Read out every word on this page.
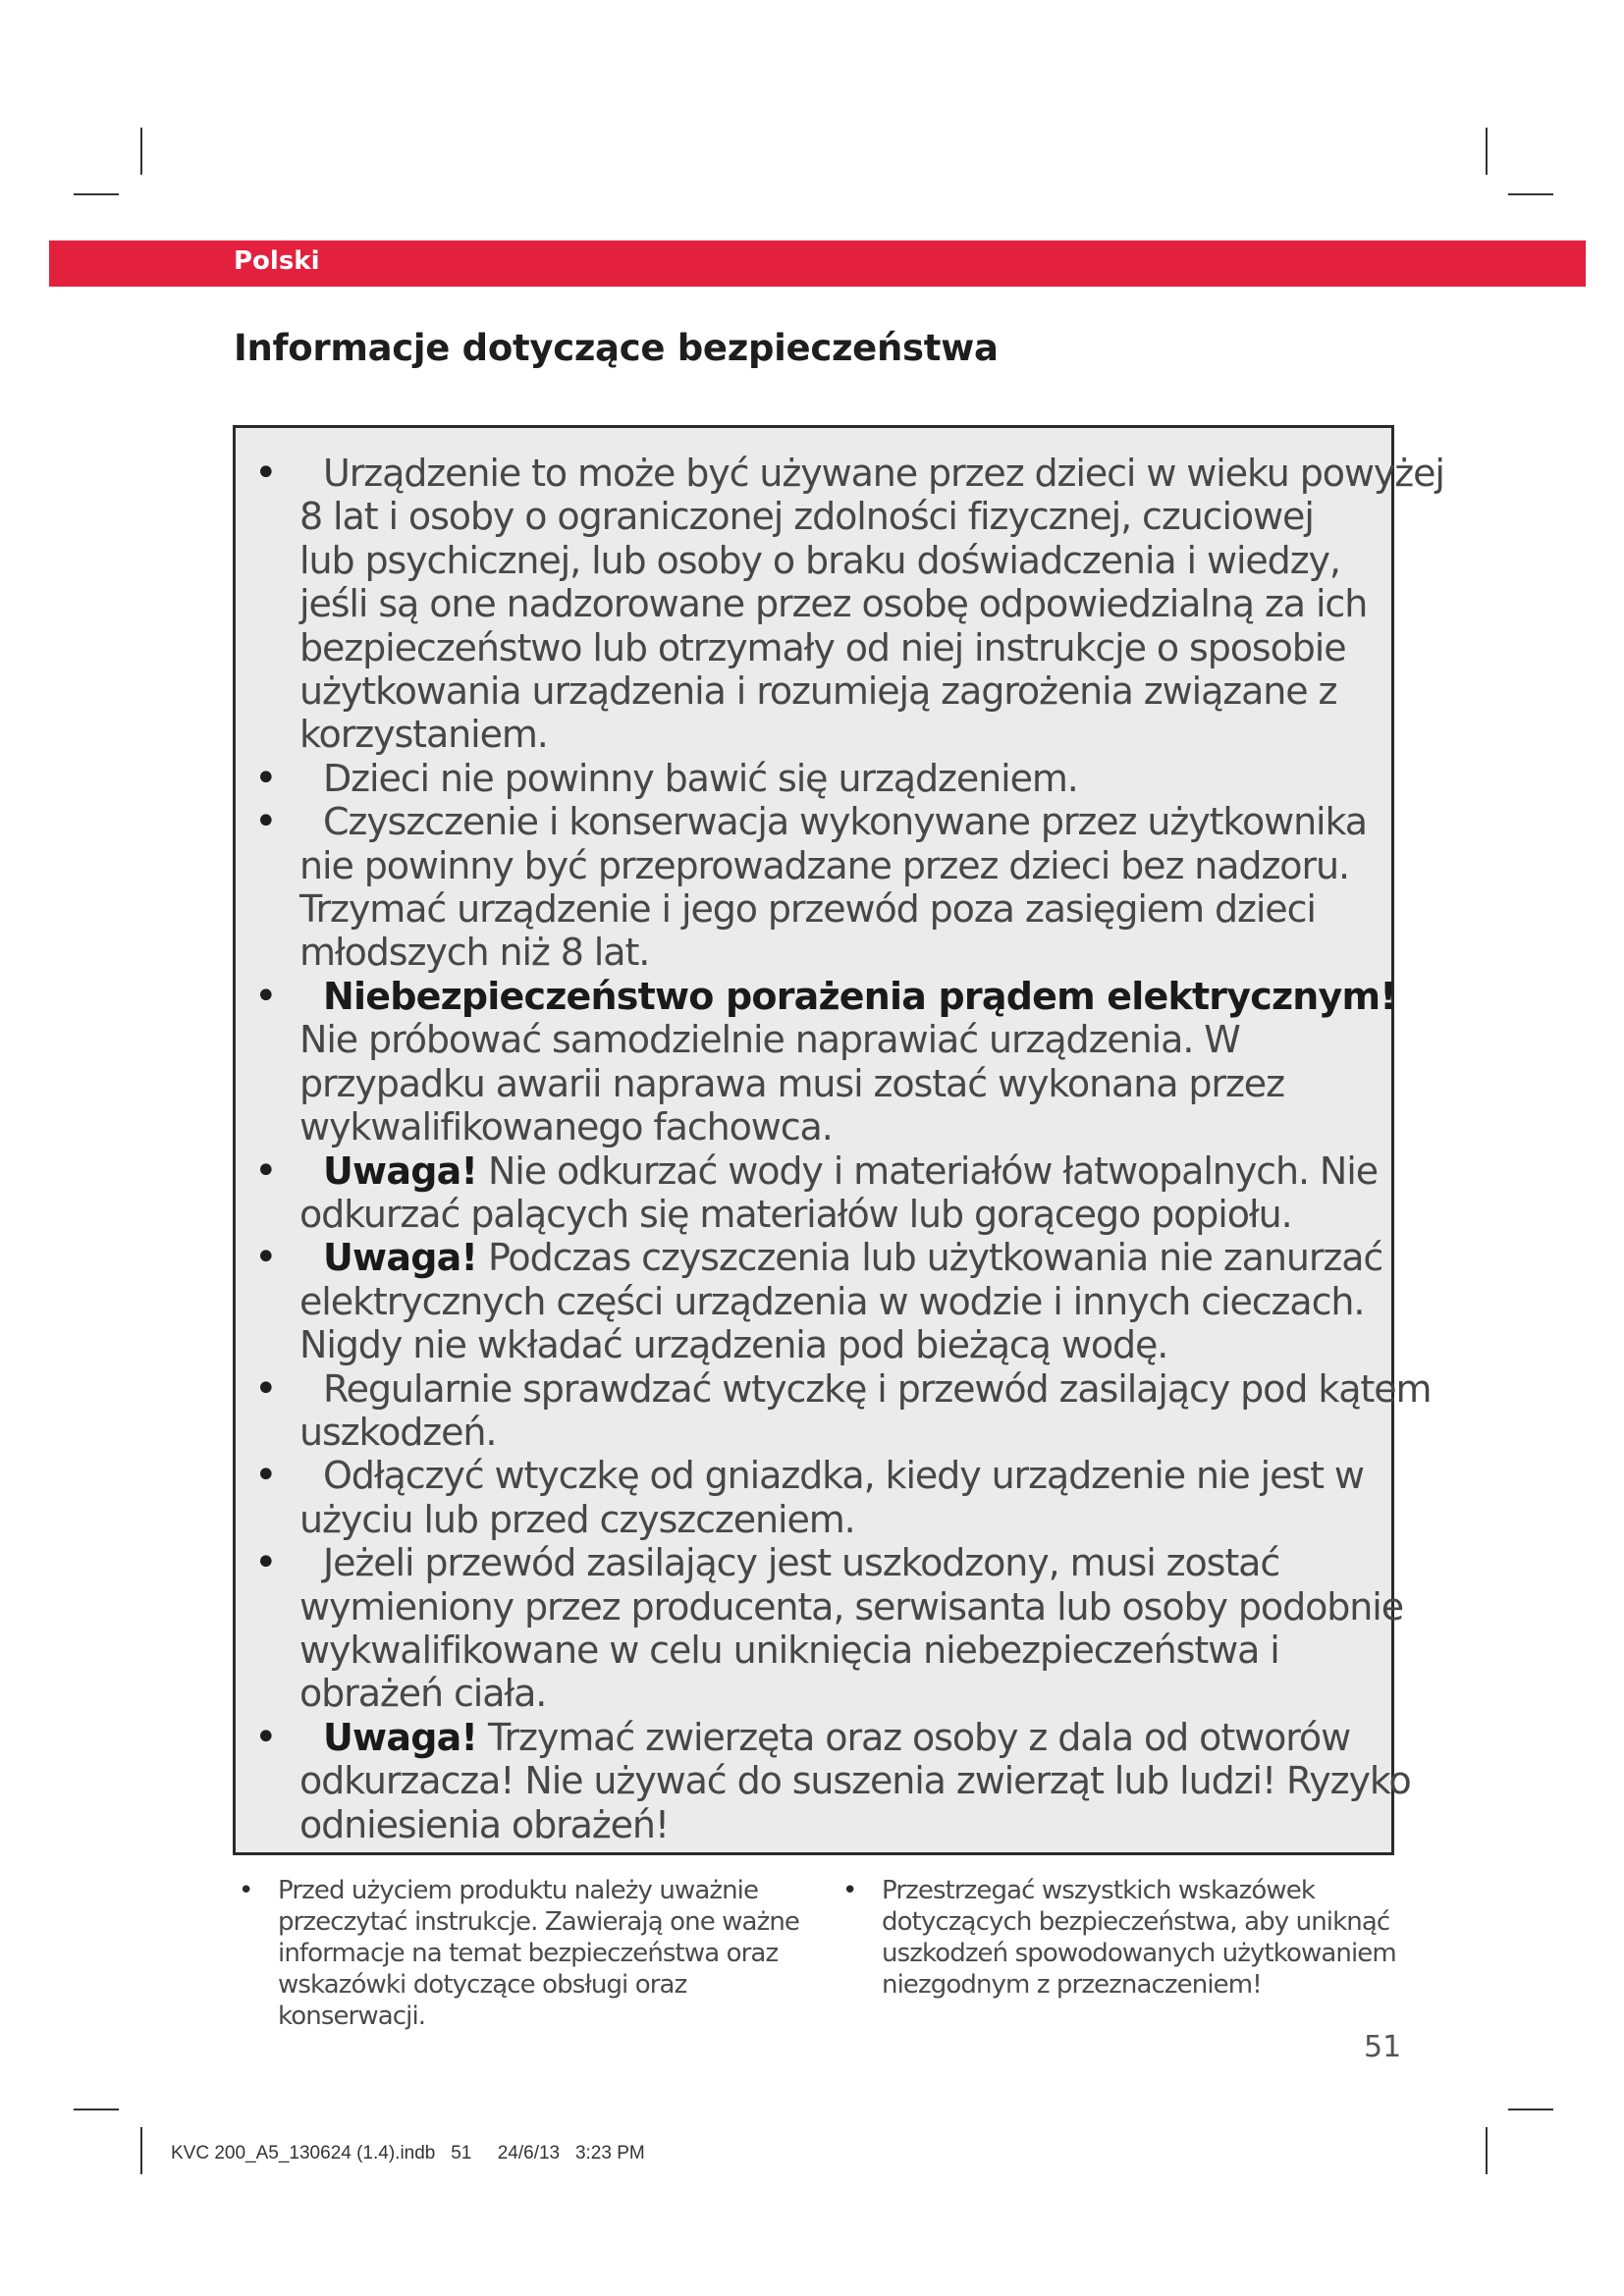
Polski
Informacje dotyczące bezpieczeństwa
•	Urządzenie to może być używane przez dzieci w wieku powyżej
8 lat i osoby o ograniczonej zdolności fizycznej, czuciowej
lub psychicznej, lub osoby o braku doświadczenia i wiedzy,
jeśli są one nadzorowane przez osobę odpowiedzialną za ich
bezpieczeństwo lub otrzymały od niej instrukcje o sposobie
użytkowania urządzenia i rozumieją zagrożenia związane z
korzystaniem.
•	Dzieci nie powinny bawić się urządzeniem.
•	Czyszczenie i konserwacja wykonywane przez użytkownika
nie powinny być przeprowadzane przez dzieci bez nadzoru.
Trzymać urządzenie i jego przewód poza zasięgiem dzieci
młodszych niż 8 lat.
•	Niebezpieczeństwo porażenia prądem elektrycznym!
Nie próbować samodzielnie naprawiać urządzenia. W
przypadku awarii naprawa musi zostać wykonana przez
wykwalifikowanego fachowca.
•	Uwaga! Nie odkurzać wody i materiałów łatwopalnych. Nie
odkurzać palących się materiałów lub gorącego popiołu.
•	Uwaga! Podczas czyszczenia lub użytkowania nie zanurzać
elektrycznych części urządzenia w wodzie i innych cieczach.
Nigdy nie wkładać urządzenia pod bieżącą wodę.
•	Regularnie sprawdzać wtyczkę i przewód zasilający pod kątem
uszkodzeń.
•	Odłączyć wtyczkę od gniazdka, kiedy urządzenie nie jest w
użyciu lub przed czyszczeniem.
•	Jeżeli przewód zasilający jest uszkodzony, musi zostać
wymieniony przez producenta, serwisanta lub osoby podobnie
wykwalifikowane w celu uniknięcia niebezpieczeństwa i
obrażeń ciała.
•	Uwaga! Trzymać zwierzęta oraz osoby z dala od otworów
odkurzacza! Nie używać do suszenia zwierząt lub ludzi! Ryzyko
odniesienia obrażeń!
• Przed użyciem produktu należy uważnie
przeczytać instrukcje. Zawierają one ważne
informacje na temat bezpieczeństwa oraz
wskazówki dotyczące obsługi oraz konserwacji.
• Przestrzegać wszystkich wskazówek
dotyczących bezpieczeństwa, aby uniknąć
uszkodzeń spowodowanych użytkowaniem
niezgodnym z przeznaczeniem!
51
KVC 200_A5_130624 (1.4).indb   51     24/6/13   3:23 PM
